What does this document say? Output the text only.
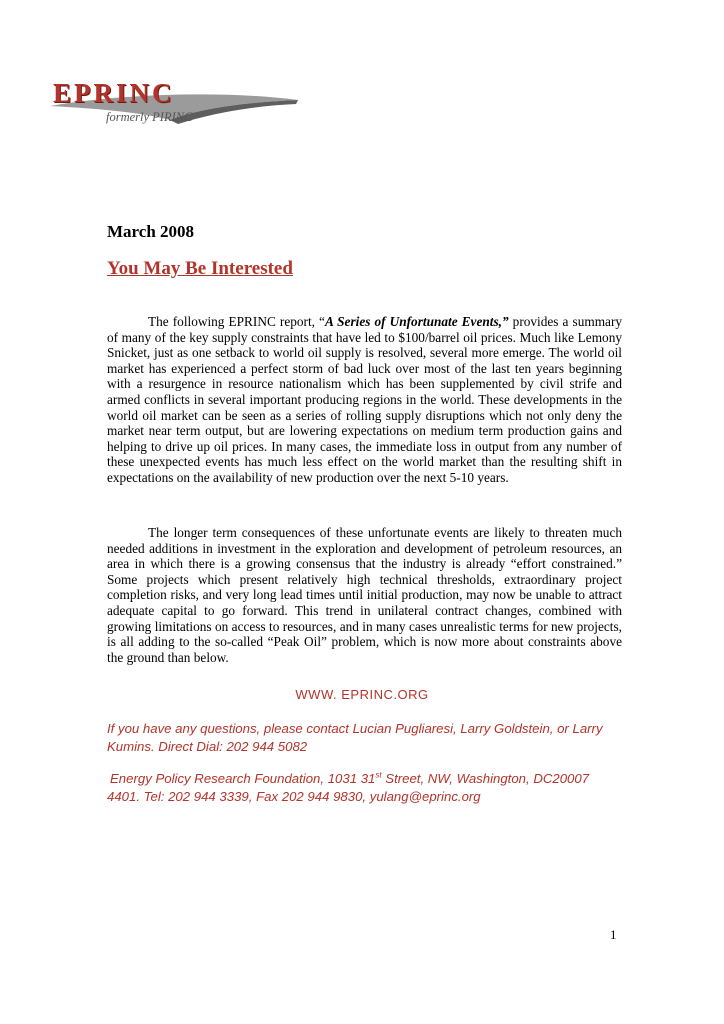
EPRINC
formerly PIRINC
March 2008
You May Be Interested

The following EPRINC report, “A Series of Unfortunate Events,” provides a summary of many of the key supply constraints that have led to $100/barrel oil prices. Much like Lemony Snicket, just as one setback to world oil supply is resolved, several more emerge. The world oil market has experienced a perfect storm of bad luck over most of the last ten years beginning with a resurgence in resource nationalism which has been supplemented by civil strife and armed conflicts in several important producing regions in the world. These developments in the world oil market can be seen as a series of rolling supply disruptions which not only deny the market near term output, but are lowering expectations on medium term production gains and helping to drive up oil prices. In many cases, the immediate loss in output from any number of these unexpected events has much less effect on the world market than the resulting shift in expectations on the availability of new production over the next 5-10 years.

The longer term consequences of these unfortunate events are likely to threaten much needed additions in investment in the exploration and development of petroleum resources, an area in which there is a growing consensus that the industry is already “effort constrained.” Some projects which present relatively high technical thresholds, extraordinary project completion risks, and very long lead times until initial production, may now be unable to attract adequate capital to go forward. This trend in unilateral contract changes, combined with growing limitations on access to resources, and in many cases unrealistic terms for new projects, is all adding to the so-called “Peak Oil” problem, which is now more about constraints above the ground than below.

WWW. EPRINC.ORG

If you have any questions, please contact Lucian Pugliaresi, Larry Goldstein, or Larry Kumins. Direct Dial: 202 944 5082

Energy Policy Research Foundation, 1031 31st Street, NW, Washington, DC20007
4401. Tel: 202 944 3339, Fax 202 944 9830, yulang@eprinc.org

1
